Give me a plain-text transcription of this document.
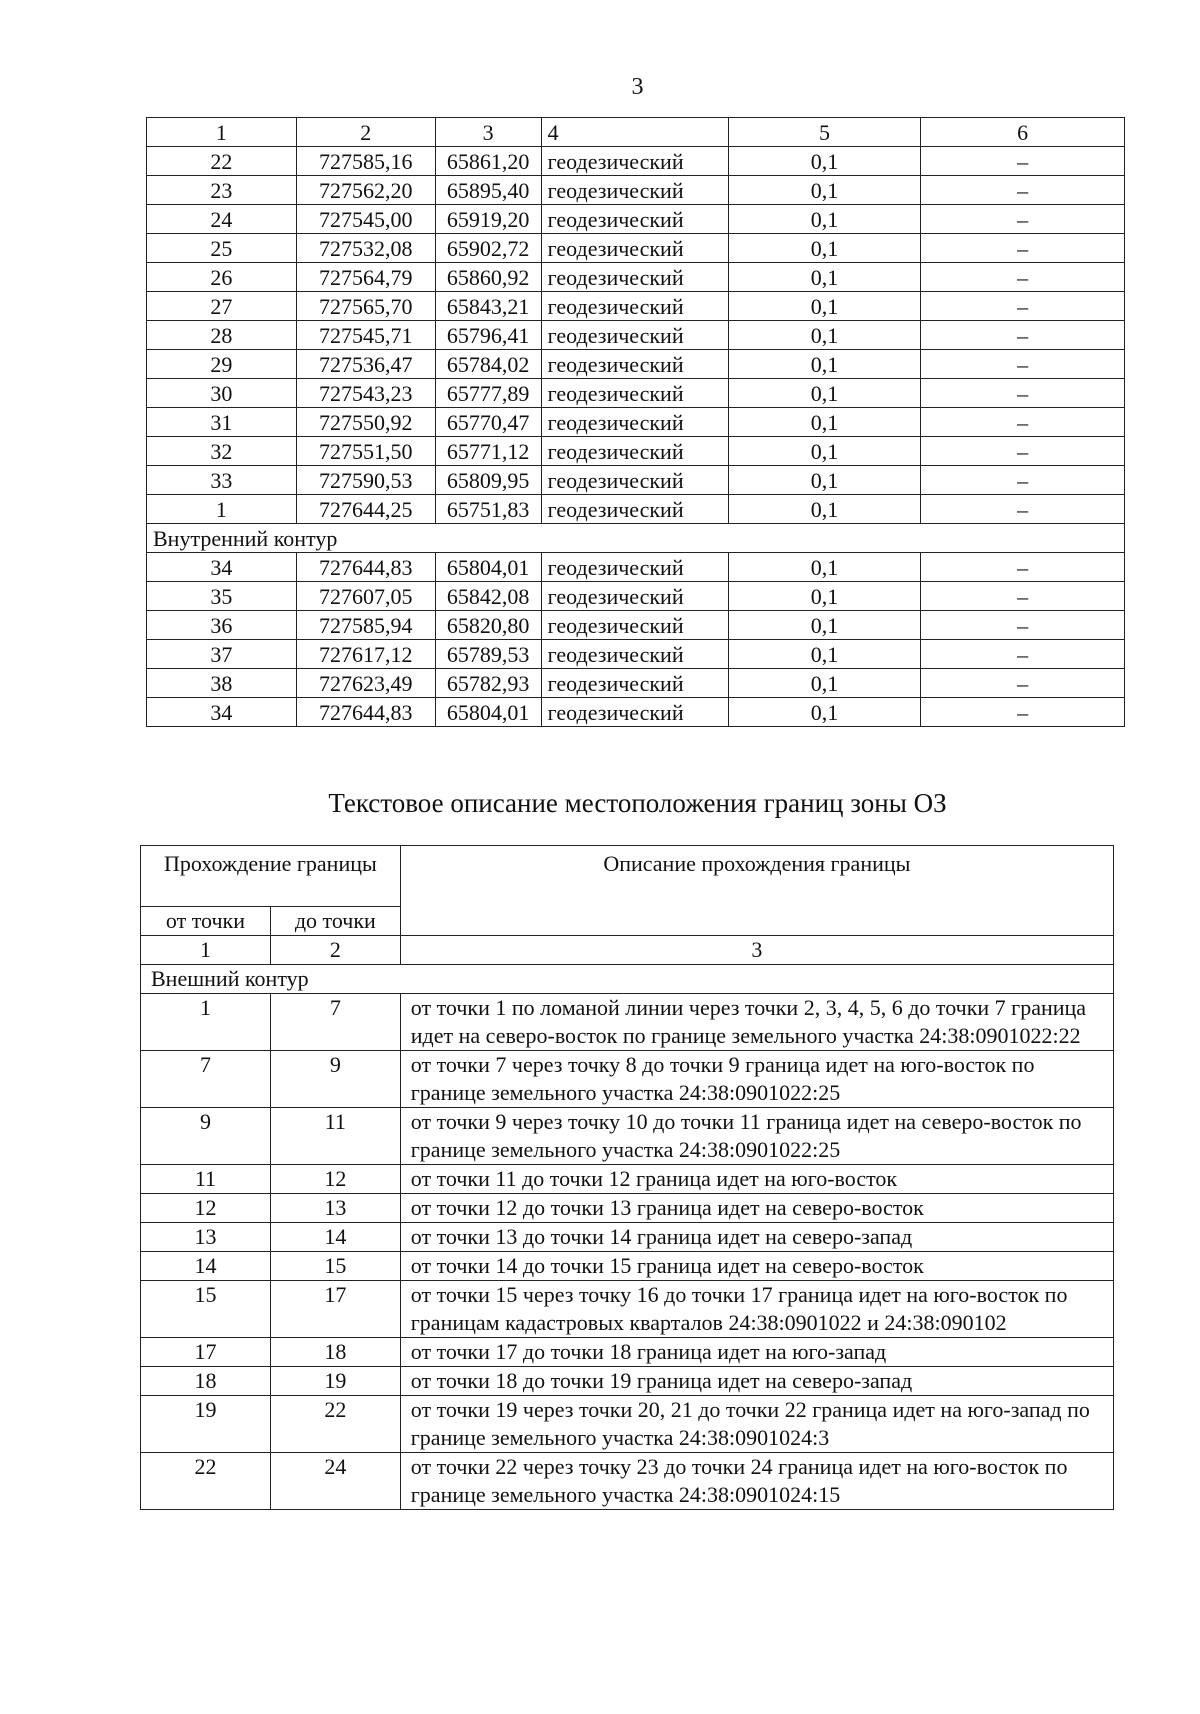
3
1	2	3	4	5	6
22	727585,16	65861,20	геодезический	0,1	–
23	727562,20	65895,40	геодезический	0,1	–
24	727545,00	65919,20	геодезический	0,1	–
25	727532,08	65902,72	геодезический	0,1	–
26	727564,79	65860,92	геодезический	0,1	–
27	727565,70	65843,21	геодезический	0,1	–
28	727545,71	65796,41	геодезический	0,1	–
29	727536,47	65784,02	геодезический	0,1	–
30	727543,23	65777,89	геодезический	0,1	–
31	727550,92	65770,47	геодезический	0,1	–
32	727551,50	65771,12	геодезический	0,1	–
33	727590,53	65809,95	геодезический	0,1	–
1	727644,25	65751,83	геодезический	0,1	–
Внутренний контур					
34	727644,83	65804,01	геодезический	0,1	–
35	727607,05	65842,08	геодезический	0,1	–
36	727585,94	65820,80	геодезический	0,1	–
37	727617,12	65789,53	геодезический	0,1	–
38	727623,49	65782,93	геодезический	0,1	–
34	727644,83	65804,01	геодезический	0,1	–
Текстовое описание местоположения границ зоны ОЗ
Прохождение границы		Описание прохождения границы
от точки	до точки	
1	2	3
Внешний контур		
1	7	от точки 1 по ломаной линии через точки 2, 3, 4, 5, 6 до точки 7 граница идет на северо-восток по границе земельного участка 24:38:0901022:22
7	9	от точки 7 через точку 8 до точки 9 граница идет на юго-восток по границе земельного участка 24:38:0901022:25
9	11	от точки 9 через точку 10 до точки 11 граница идет на северо-восток по границе земельного участка 24:38:0901022:25
11	12	от точки 11 до точки 12 граница идет на юго-восток
12	13	от точки 12 до точки 13 граница идет на северо-восток
13	14	от точки 13 до точки 14 граница идет на северо-запад
14	15	от точки 14 до точки 15 граница идет на северо-восток
15	17	от точки 15 через точку 16 до точки 17 граница идет на юго-восток по границам кадастровых кварталов 24:38:0901022 и 24:38:090102
17	18	от точки 17 до точки 18 граница идет на юго-запад
18	19	от точки 18 до точки 19 граница идет на северо-запад
19	22	от точки 19 через точки 20, 21 до точки 22 граница идет на юго-запад по границе земельного участка 24:38:0901024:3
22	24	от точки 22 через точку 23 до точки 24 граница идет на юго-восток по границе земельного участка 24:38:0901024:15
